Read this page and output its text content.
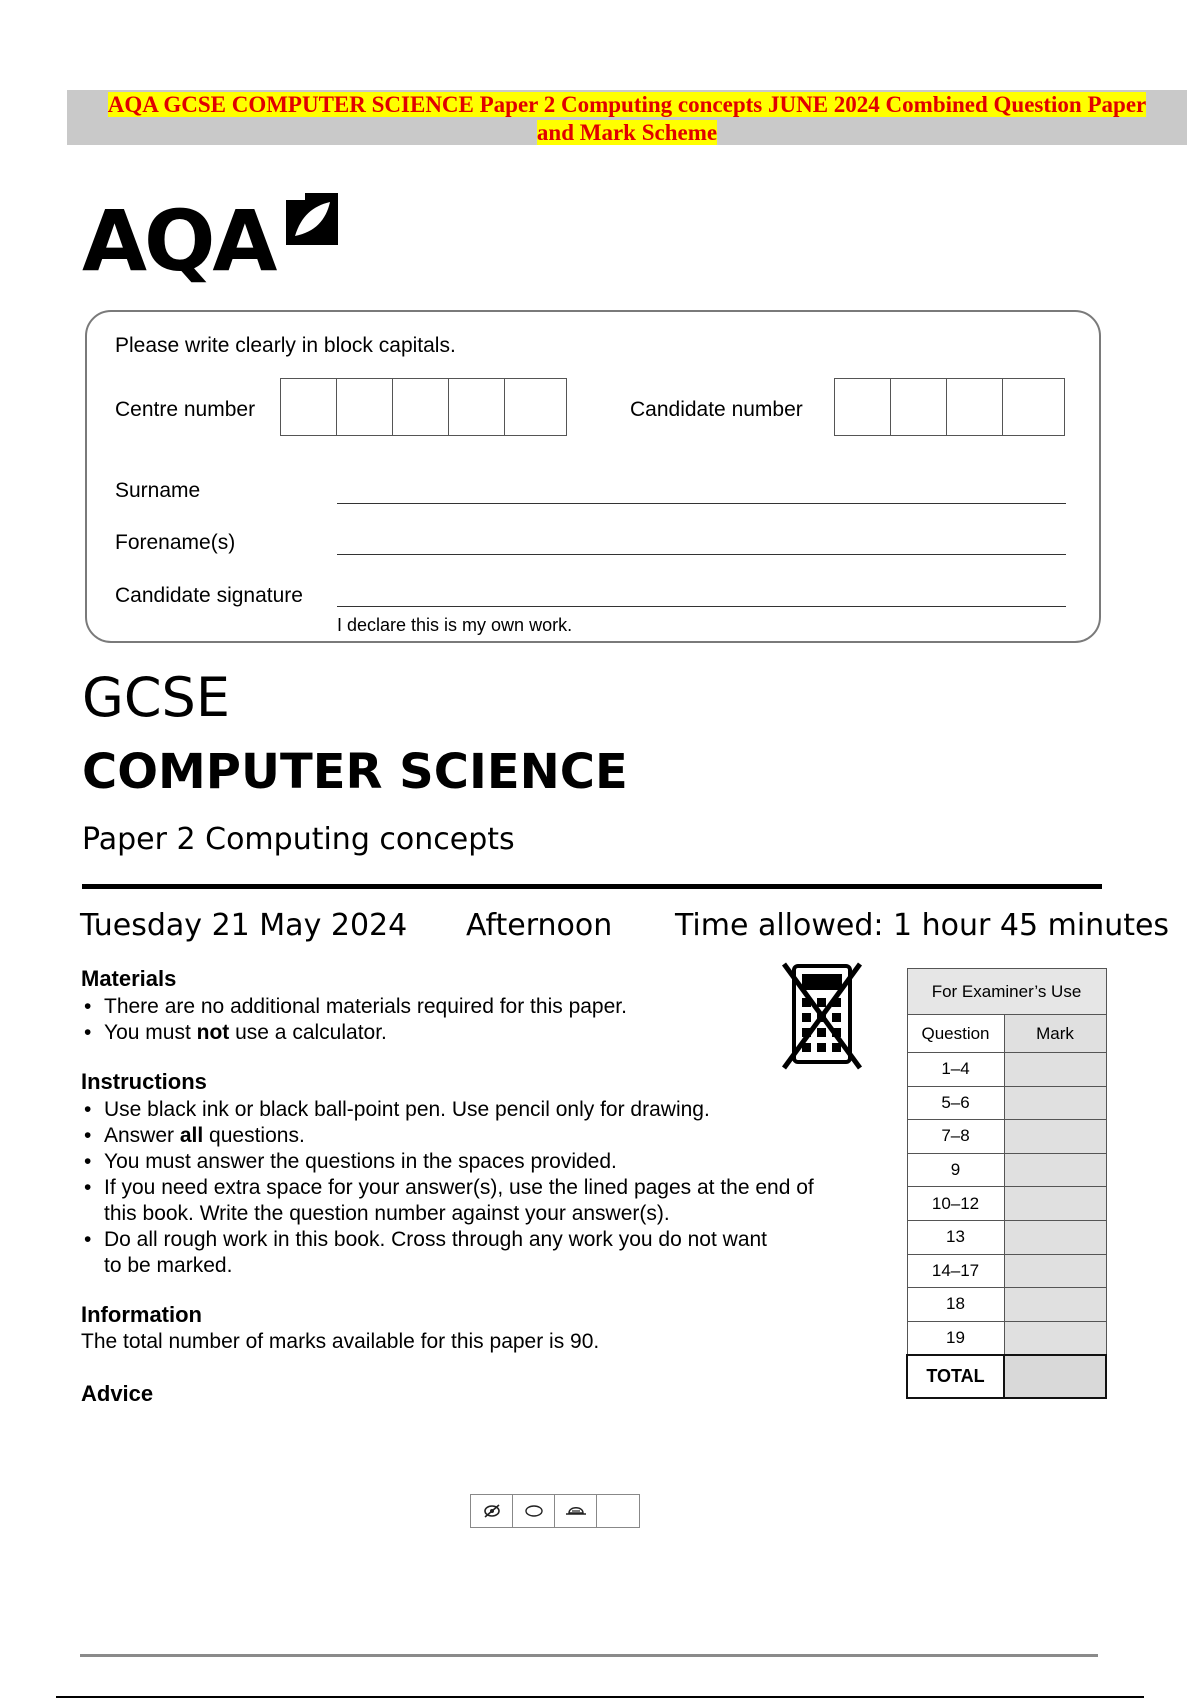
AQA GCSE COMPUTER SCIENCE Paper 2 Computing concepts JUNE 2024 Combined Question Paper
and Mark Scheme
AQA
Please write clearly in block capitals.
Centre number	Candidate number
Surname
Forename(s)
Candidate signature
I declare this is my own work.
GCSE
COMPUTER SCIENCE
Paper 2 Computing concepts
Tuesday 21 May 2024 Afternoon Time allowed: 1 hour 45 minutes
Materials
• There are no additional materials required for this paper.
• You must not use a calculator.
Instructions
• Use black ink or black ball-point pen. Use pencil only for drawing.
• Answer all questions.
• You must answer the questions in the spaces provided.
• If you need extra space for your answer(s), use the lined pages at the end of
this book. Write the question number against your answer(s).
• Do all rough work in this book. Cross through any work you do not want
to be marked.
Information
The total number of marks available for this paper is 90.
Advice
For Examiner’s Use	
Question	Mark
1–4	
5–6	
7–8	
9	
10–12	
13	
14–17	
18	
19	
TOTAL	
